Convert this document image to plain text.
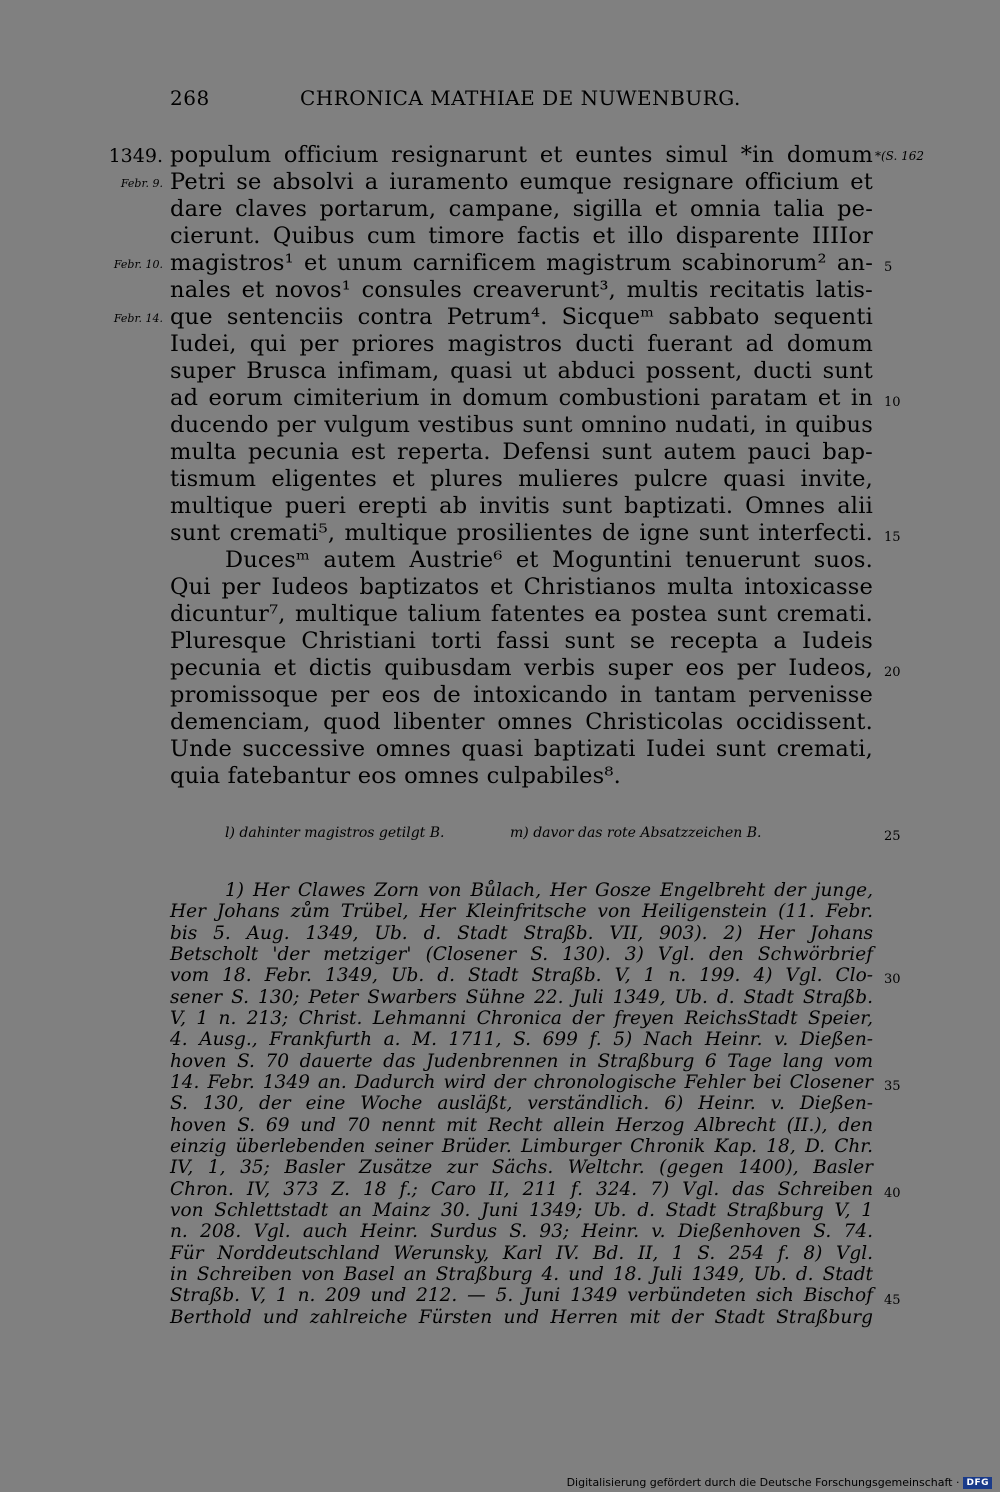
268	CHRONICA MATHIAE DE NUWENBURG.
1349.
Febr. 9.
Febr. 10.
Febr. 14.
*(S. 162
5
10
15
20
25
30
35
40
45
populum officium resignarunt et euntes simul *in domum
Petri se absolvi a iuramento eumque resignare officium et
dare claves portarum, campane, sigilla et omnia talia pe-
cierunt. Quibus cum timore factis et illo disparente IIIIor
magistros¹ et unum carnificem magistrum scabinorum² an-
nales et novos¹ consules creaverunt³, multis recitatis latis-
que sentenciis contra Petrum⁴. Sicqueᵐ sabbato sequenti
Iudei, qui per priores magistros ducti fuerant ad domum
super Brusca infimam, quasi ut abduci possent, ducti sunt
ad eorum cimiterium in domum combustioni paratam et in
ducendo per vulgum vestibus sunt omnino nudati, in quibus
multa pecunia est reperta. Defensi sunt autem pauci bap-
tismum eligentes et plures mulieres pulcre quasi invite,
multique pueri erepti ab invitis sunt baptizati. Omnes alii
sunt cremati⁵, multique prosilientes de igne sunt interfecti.
Ducesᵐ autem Austrie⁶ et Moguntini tenuerunt suos.
Qui per Iudeos baptizatos et Christianos multa intoxicasse
dicuntur⁷, multique talium fatentes ea postea sunt cremati.
Pluresque Christiani torti fassi sunt se recepta a Iudeis
pecunia et dictis quibusdam verbis super eos per Iudeos,
promissoque per eos de intoxicando in tantam pervenisse
demenciam, quod libenter omnes Christicolas occidissent.
Unde successive omnes quasi baptizati Iudei sunt cremati,
quia fatebantur eos omnes culpabiles⁸.
l) dahinter magistros getilgt B.	m) davor das rote Absatzzeichen B.
1) Her Clawes Zorn von Bůlach, Her Gosze Engelbreht der junge,
Her Johans zům Trübel, Her Kleinfritsche von Heiligenstein (11. Febr.
bis 5. Aug. 1349, Ub. d. Stadt Straßb. VII, 903). 2) Her Johans
Betscholt 'der metziger' (Closener S. 130). 3) Vgl. den Schwörbrief
vom 18. Febr. 1349, Ub. d. Stadt Straßb. V, 1 n. 199. 4) Vgl. Clo-
sener S. 130; Peter Swarbers Sühne 22. Juli 1349, Ub. d. Stadt Straßb.
V, 1 n. 213; Christ. Lehmanni Chronica der freyen ReichsStadt Speier,
4. Ausg., Frankfurth a. M. 1711, S. 699 f. 5) Nach Heinr. v. Dießen-
hoven S. 70 dauerte das Judenbrennen in Straßburg 6 Tage lang vom
14. Febr. 1349 an. Dadurch wird der chronologische Fehler bei Closener
S. 130, der eine Woche ausläßt, verständlich. 6) Heinr. v. Dießen-
hoven S. 69 und 70 nennt mit Recht allein Herzog Albrecht (II.), den
einzig überlebenden seiner Brüder. Limburger Chronik Kap. 18, D. Chr.
IV, 1, 35; Basler Zusätze zur Sächs. Weltchr. (gegen 1400), Basler
Chron. IV, 373 Z. 18 f.; Caro II, 211 f. 324. 7) Vgl. das Schreiben
von Schlettstadt an Mainz 30. Juni 1349; Ub. d. Stadt Straßburg V, 1
n. 208. Vgl. auch Heinr. Surdus S. 93; Heinr. v. Dießenhoven S. 74.
Für Norddeutschland Werunsky, Karl IV. Bd. II, 1 S. 254 f. 8) Vgl.
in Schreiben von Basel an Straßburg 4. und 18. Juli 1349, Ub. d. Stadt
Straßb. V, 1 n. 209 und 212. — 5. Juni 1349 verbündeten sich Bischof
Berthold und zahlreiche Fürsten und Herren mit der Stadt Straßburg
Digitalisierung gefördert durch die Deutsche Forschungsgemeinschaft · DFG
